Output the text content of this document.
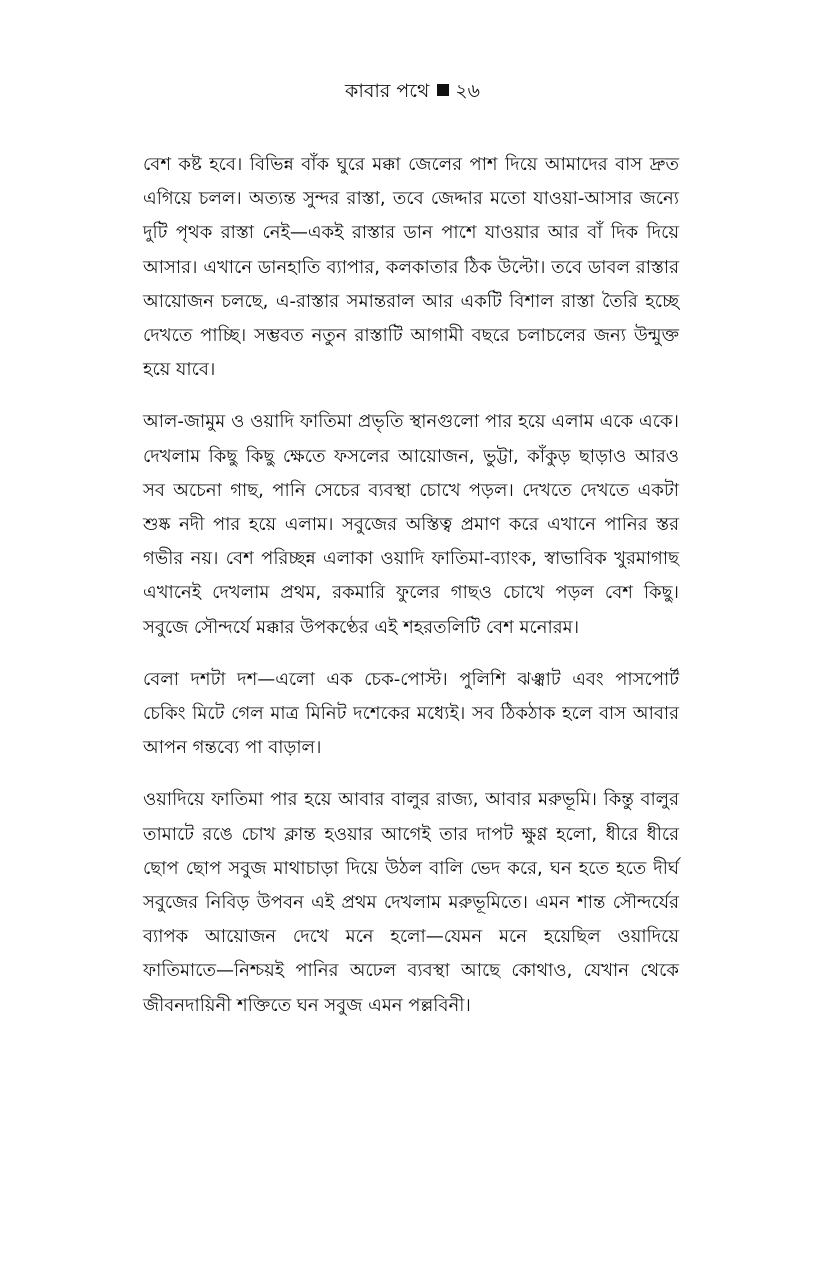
কাবার পথে ২৬

বেশ কষ্ট হবে। বিভিন্ন বাঁক ঘুরে মক্কা জেলের পাশ দিয়ে আমাদের বাস দ্রুত এগিয়ে চলল। অত্যন্ত সুন্দর রাস্তা, তবে জেদ্দার মতো যাওয়া-আসার জন্যে দুটি পৃথক রাস্তা নেই—একই রাস্তার ডান পাশে যাওয়ার আর বাঁ দিক দিয়ে আসার। এখানে ডানহাতি ব্যাপার, কলকাতার ঠিক উল্টো। তবে ডাবল রাস্তার আয়োজন চলছে, এ-রাস্তার সমান্তরাল আর একটি বিশাল রাস্তা তৈরি হচ্ছে দেখতে পাচ্ছি। সম্ভবত নতুন রাস্তাটি আগামী বছরে চলাচলের জন্য উন্মুক্ত হয়ে যাবে।

আল-জামুম ও ওয়াদি ফাতিমা প্রভৃতি স্থানগুলো পার হয়ে এলাম একে একে। দেখলাম কিছু কিছু ক্ষেতে ফসলের আয়োজন, ভুট্টা, কাঁকুড় ছাড়াও আরও সব অচেনা গাছ, পানি সেচের ব্যবস্থা চোখে পড়ল। দেখতে দেখতে একটা শুষ্ক নদী পার হয়ে এলাম। সবুজের অস্তিত্ব প্রমাণ করে এখানে পানির স্তর গভীর নয়। বেশ পরিচ্ছন্ন এলাকা ওয়াদি ফাতিমা-ব্যাংক, স্বাভাবিক খুরমাগাছ এখানেই দেখলাম প্রথম, রকমারি ফুলের গাছও চোখে পড়ল বেশ কিছু। সবুজে সৌন্দর্যে মক্কার উপকণ্ঠের এই শহরতলিটি বেশ মনোরম।

বেলা দশটা দশ—এলো এক চেক-পোস্ট। পুলিশি ঝঞ্ঝাট এবং পাসপোর্ট চেকিং মিটে গেল মাত্র মিনিট দশেকের মধ্যেই। সব ঠিকঠাক হলে বাস আবার আপন গন্তব্যে পা বাড়াল।

ওয়াদিয়ে ফাতিমা পার হয়ে আবার বালুর রাজ্য, আবার মরুভূমি। কিন্তু বালুর তামাটে রঙে চোখ ক্লান্ত হওয়ার আগেই তার দাপট ক্ষুণ্ণ হলো, ধীরে ধীরে ছোপ ছোপ সবুজ মাথাচাড়া দিয়ে উঠল বালি ভেদ করে, ঘন হতে হতে দীর্ঘ সবুজের নিবিড় উপবন এই প্রথম দেখলাম মরুভূমিতে। এমন শান্ত সৌন্দর্যের ব্যাপক আয়োজন দেখে মনে হলো—যেমন মনে হয়েছিল ওয়াদিয়ে ফাতিমাতে—নিশ্চয়ই পানির অঢেল ব্যবস্থা আছে কোথাও, যেখান থেকে জীবনদায়িনী শক্তিতে ঘন সবুজ এমন পল্লবিনী।
